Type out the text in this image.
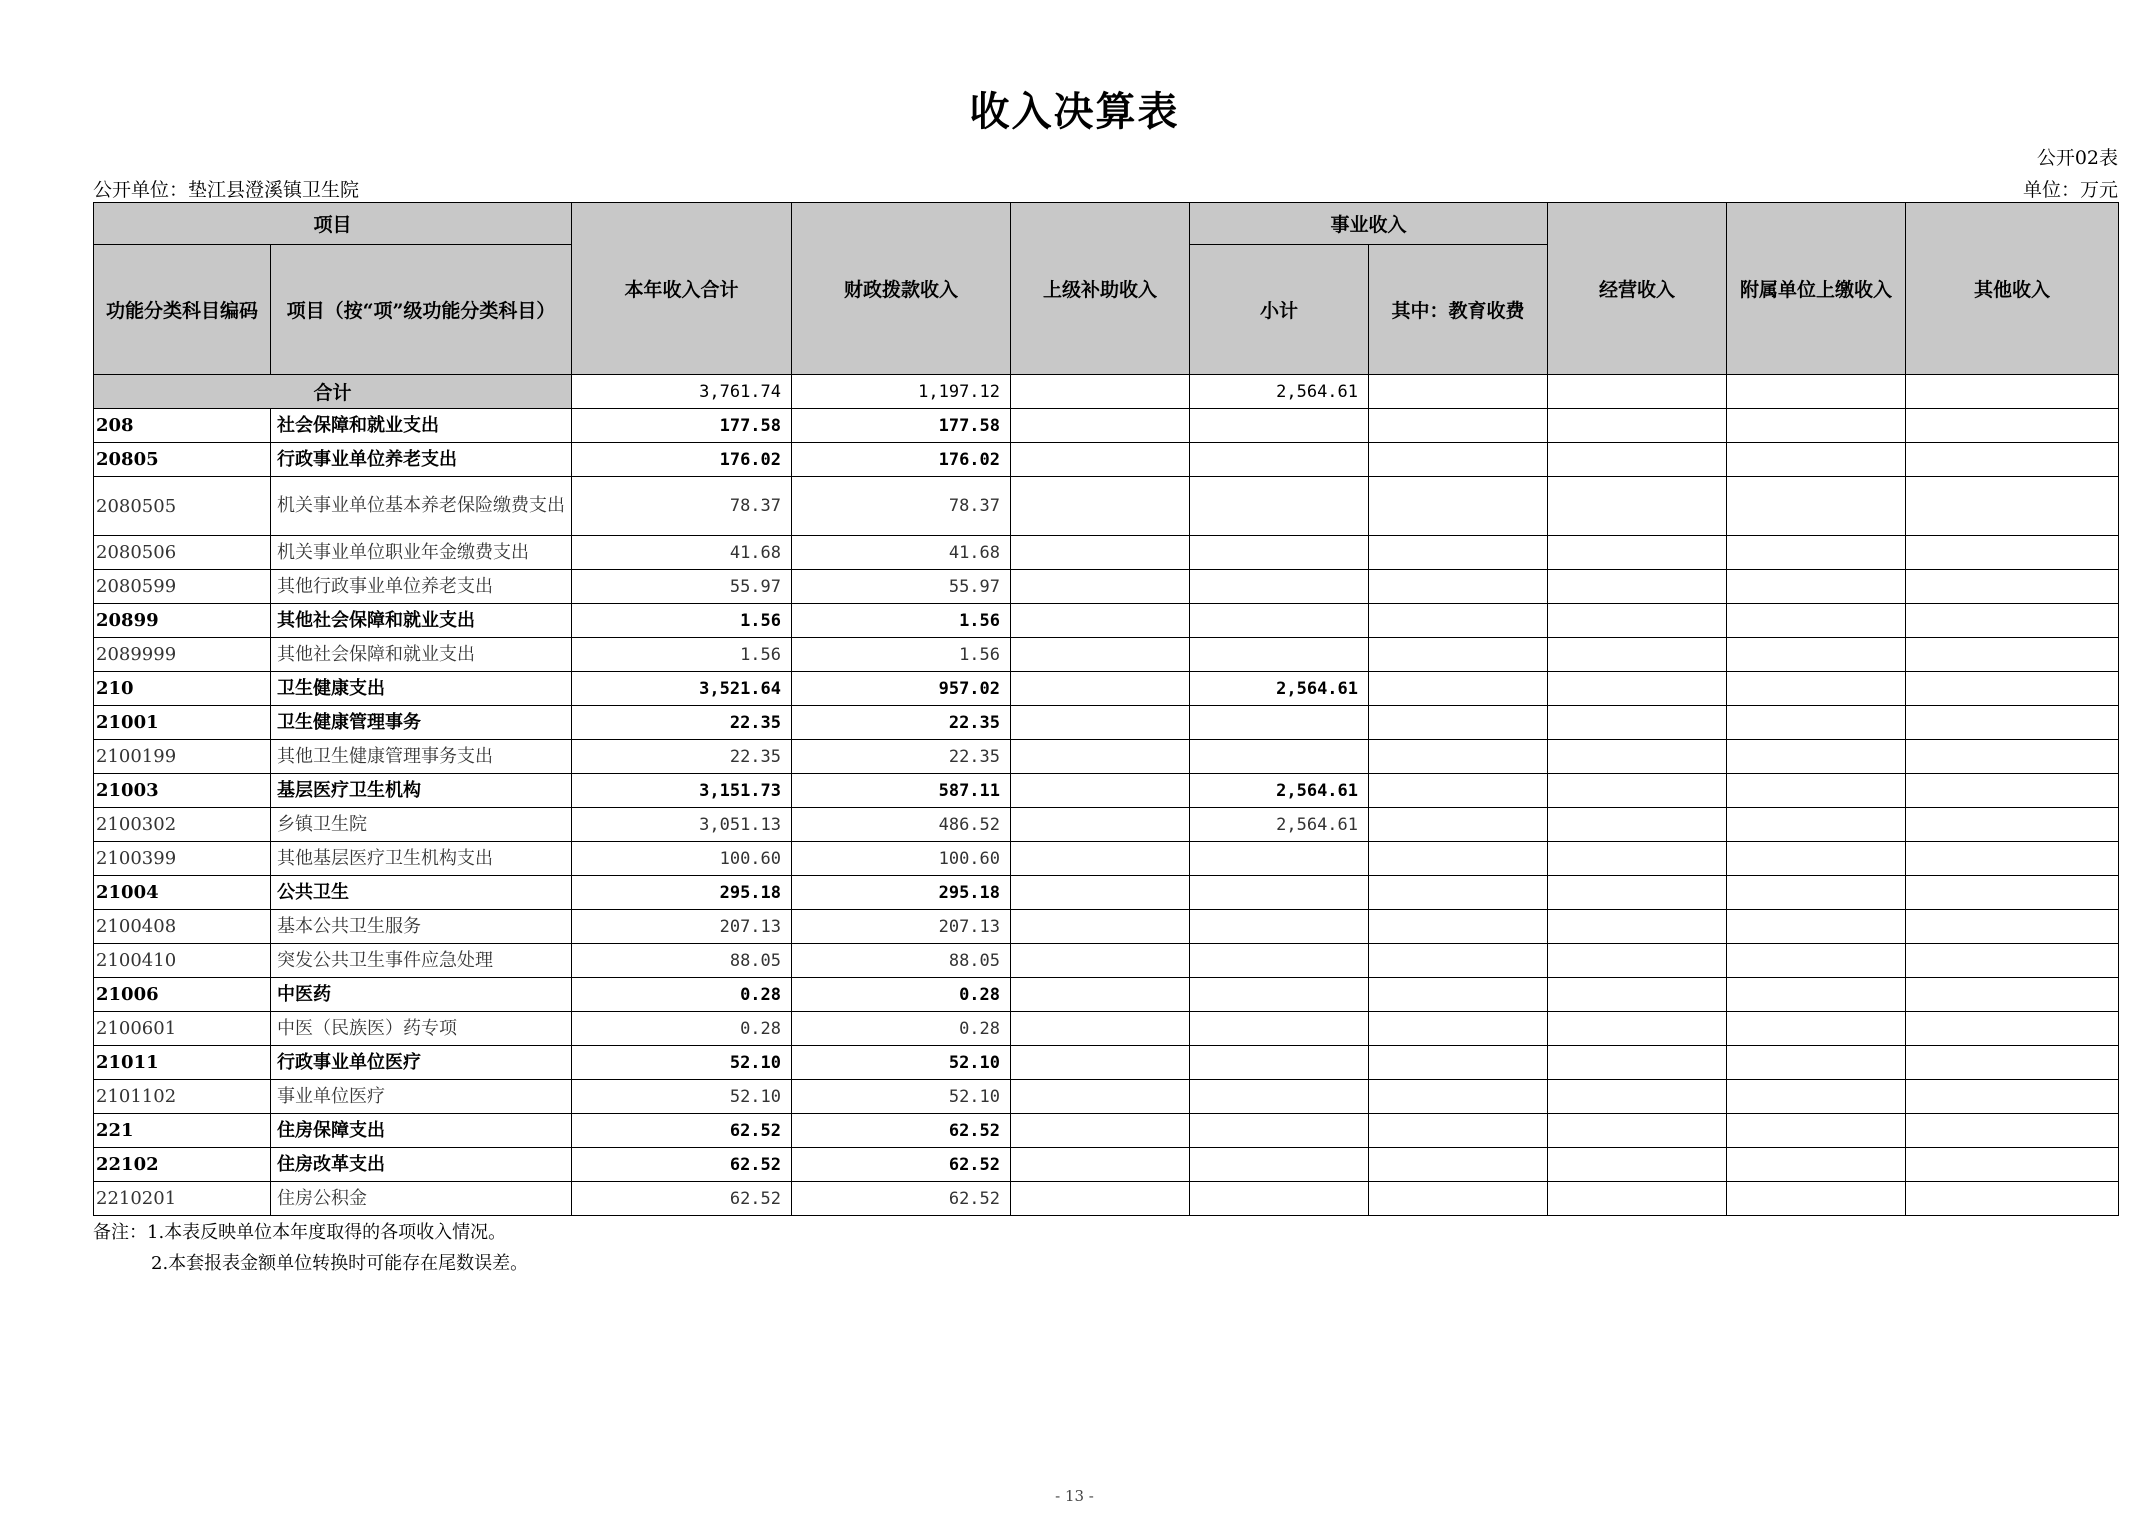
收入决算表
公开02表
公开单位：垫江县澄溪镇卫生院	单位：万元
项目		本年收入合计	财政拨款收入	上级补助收入	事业收入		经营收入	附属单位上缴收入	其他收入
功能分类科目编码	项目（按“项”级功能分类科目）				小计	其中：教育收费			
合计		3,761.74	1,197.12		2,564.61				
208	社会保障和就业支出	177.58	177.58						
20805	行政事业单位养老支出	176.02	176.02						
2080505	机关事业单位基本养老保险缴费支出	78.37	78.37						
2080506	机关事业单位职业年金缴费支出	41.68	41.68						
2080599	其他行政事业单位养老支出	55.97	55.97						
20899	其他社会保障和就业支出	1.56	1.56						
2089999	其他社会保障和就业支出	1.56	1.56						
210	卫生健康支出	3,521.64	957.02		2,564.61				
21001	卫生健康管理事务	22.35	22.35						
2100199	其他卫生健康管理事务支出	22.35	22.35						
21003	基层医疗卫生机构	3,151.73	587.11		2,564.61				
2100302	乡镇卫生院	3,051.13	486.52		2,564.61				
2100399	其他基层医疗卫生机构支出	100.60	100.60						
21004	公共卫生	295.18	295.18						
2100408	基本公共卫生服务	207.13	207.13						
2100410	突发公共卫生事件应急处理	88.05	88.05						
21006	中医药	0.28	0.28						
2100601	中医（民族医）药专项	0.28	0.28						
21011	行政事业单位医疗	52.10	52.10						
2101102	事业单位医疗	52.10	52.10						
221	住房保障支出	62.52	62.52						
22102	住房改革支出	62.52	62.52						
2210201	住房公积金	62.52	62.52						
备注：1.本表反映单位本年度取得的各项收入情况。
2.本套报表金额单位转换时可能存在尾数误差。
- 13 -
